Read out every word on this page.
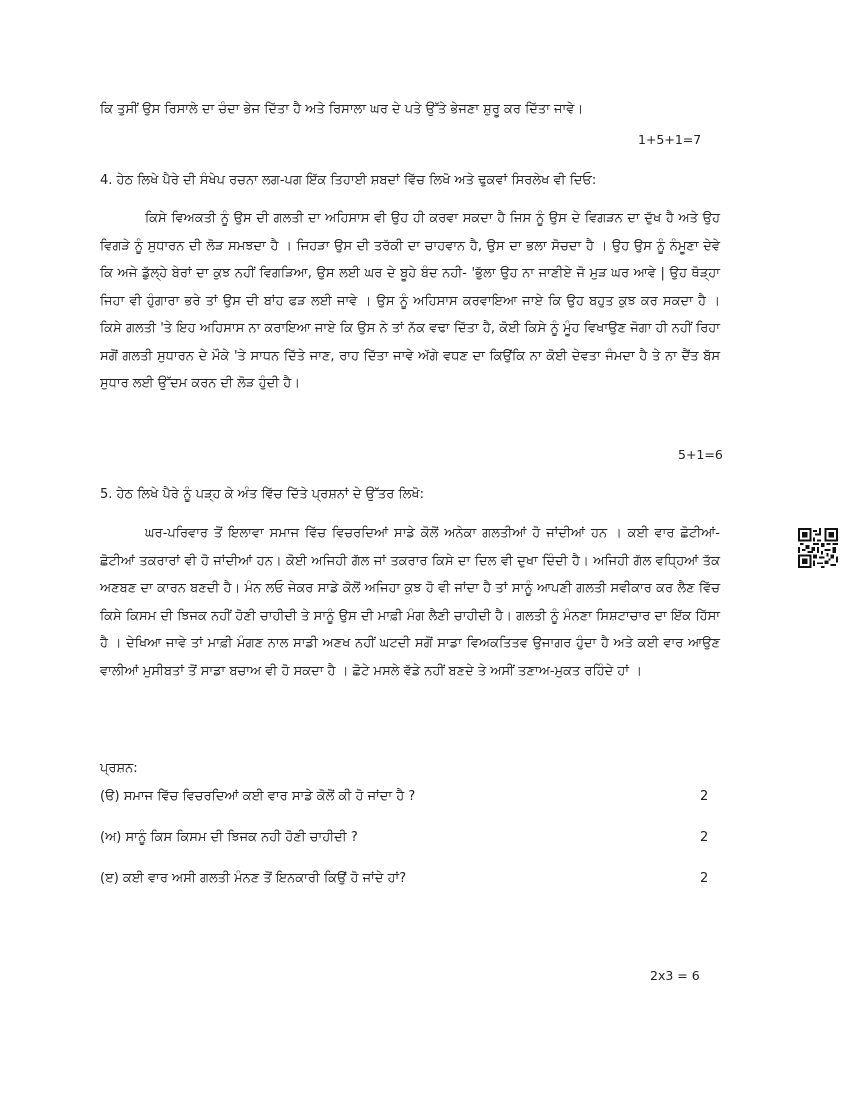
ਕਿ ਤੁਸੀਂ ਉਸ ਰਿਸਾਲੇ ਦਾ ਚੰਦਾ ਭੇਜ ਦਿੱਤਾ ਹੈ ਅਤੇ ਰਿਸਾਲਾ ਘਰ ਦੇ ਪਤੇ ਉੱਤੇ ਭੇਜਣਾ ਸ਼ੁਰੂ ਕਰ ਦਿੱਤਾ ਜਾਵੇ।
1+5+1=7
4. ਹੇਠ ਲਿਖੇ ਪੈਰੇ ਦੀ ਸੰਖੇਪ ਰਚਨਾ ਲਗ-ਪਗ ਇੱਕ ਤਿਹਾਈ ਸ਼ਬਦਾਂ ਵਿੱਚ ਲਿਖੋ ਅਤੇ ਢੁਕਵਾਂ ਸਿਰਲੇਖ ਵੀ ਦਿਓ:
ਕਿਸੇ ਵਿਅਕਤੀ ਨੂੰ ਉਸ ਦੀ ਗਲਤੀ ਦਾ ਅਹਿਸਾਸ ਵੀ ਉਹ ਹੀ ਕਰਵਾ ਸਕਦਾ ਹੈ ਜਿਸ ਨੂੰ ਉਸ ਦੇ ਵਿਗੜਨ ਦਾ ਦੁੱਖ ਹੈ ਅਤੇ ਉਹ ਵਿਗੜੇ ਨੂੰ ਸੁਧਾਰਨ ਦੀ ਲੋੜ ਸਮਝਦਾ ਹੈ । ਜਿਹੜਾ ਉਸ ਦੀ ਤਰੱਕੀ ਦਾ ਚਾਹਵਾਨ ਹੈ, ਉਸ ਦਾ ਭਲਾ ਸੋਚਦਾ ਹੈ । ਉਹ ਉਸ ਨੂੰ ਨੰਮੂਣਾ ਦੇਵੇ ਕਿ ਅਜੇ ਡੁੱਲ੍ਹੇ ਬੇਰਾਂ ਦਾ ਕੁਝ ਨਹੀਂ ਵਿਗੜਿਆ, ਉਸ ਲਈ ਘਰ ਦੇ ਬੂਹੇ ਬੰਦ ਨਹੀ- 'ਭੁੱਲਾ ਉਹ ਨਾ ਜਾਣੀਏ ਜੋ ਮੁੜ ਘਰ ਆਵੇ | ਉਹ ਥੋੜ੍ਹਾ ਜਿਹਾ ਵੀ ਹੁੰਗਾਰਾ ਭਰੇ ਤਾਂ ਉਸ ਦੀ ਬਾਂਹ ਫੜ ਲਈ ਜਾਵੇ । ਉਸ ਨੂੰ ਅਹਿਸਾਸ ਕਰਵਾਇਆ ਜਾਏ ਕਿ ਉਹ ਬਹੁਤ ਕੁਝ ਕਰ ਸਕਦਾ ਹੈ । ਕਿਸੇ ਗਲਤੀ 'ਤੇ ਇਹ ਅਹਿਸਾਸ ਨਾ ਕਰਾਇਆ ਜਾਏ ਕਿ ਉਸ ਨੇ ਤਾਂ ਨੱਕ ਵਢਾ ਦਿੱਤਾ ਹੈ, ਕੋਈ ਕਿਸੇ ਨੂੰ ਮੂੰਹ ਵਿਖਾਉਣ ਜੋਗਾ ਹੀ ਨਹੀਂ ਰਿਹਾ ਸਗੋਂ ਗਲਤੀ ਸੁਧਾਰਨ ਦੇ ਮੌਕੇ 'ਤੇ ਸਾਧਨ ਦਿੱਤੇ ਜਾਣ, ਰਾਹ ਦਿੱਤਾ ਜਾਵੇ ਅੱਗੇ ਵਧਣ ਦਾ ਕਿਉਂਕਿ ਨਾ ਕੋਈ ਦੇਵਤਾ ਜੰਮਦਾ ਹੈ ਤੇ ਨਾ ਦੈਂਤ ਬੱਸ ਸੁਧਾਰ ਲਈ ਉੱਦਮ ਕਰਨ ਦੀ ਲੋੜ ਹੁੰਦੀ ਹੈ।
5+1=6
5. ਹੇਠ ਲਿਖੇ ਪੈਰੇ ਨੂੰ ਪੜ੍ਹ ਕੇ ਅੰਤ ਵਿੱਚ ਦਿੱਤੇ ਪ੍ਰਸ਼ਨਾਂ ਦੇ ਉੱਤਰ ਲਿਖੋ:
ਘਰ-ਪਰਿਵਾਰ ਤੋਂ ਇਲਾਵਾ ਸਮਾਜ ਵਿੱਚ ਵਿਚਰਦਿਆਂ ਸਾਡੇ ਕੋਲੋਂ ਅਨੇਕਾ ਗਲਤੀਆਂ ਹੋ ਜਾਂਦੀਆਂ ਹਨ । ਕਈ ਵਾਰ ਛੋਟੀਆਂ-ਛੋਟੀਆਂ ਤਕਰਾਰਾਂ ਵੀ ਹੋ ਜਾਂਦੀਆਂ ਹਨ। ਕੋਈ ਅਜਿਹੀ ਗੱਲ ਜਾਂ ਤਕਰਾਰ ਕਿਸੇ ਦਾ ਦਿਲ ਵੀ ਦੁਖਾ ਦਿੰਦੀ ਹੈ। ਅਜਿਹੀ ਗੱਲ ਵਧ੍ਹਿਆਂ ਤੱਕ ਅਣਬਣ ਦਾ ਕਾਰਨ ਬਣਦੀ ਹੈ। ਮੰਨ ਲਓ ਜੇਕਰ ਸਾਡੇ ਕੋਲੋਂ ਅਜਿਹਾ ਕੁਝ ਹੋ ਵੀ ਜਾਂਦਾ ਹੈ ਤਾਂ ਸਾਨੂੰ ਆਪਣੀ ਗਲਤੀ ਸਵੀਕਾਰ ਕਰ ਲੈਣ ਵਿੱਚ ਕਿਸੇ ਕਿਸਮ ਦੀ ਝਿਜਕ ਨਹੀਂ ਹੋਣੀ ਚਾਹੀਦੀ ਤੇ ਸਾਨੂੰ ਉਸ ਦੀ ਮਾਫ਼ੀ ਮੰਗ ਲੈਣੀ ਚਾਹੀਦੀ ਹੈ। ਗਲਤੀ ਨੂੰ ਮੰਨਣਾ ਸਿਸ਼ਟਾਚਾਰ ਦਾ ਇੱਕ ਹਿੱਸਾ ਹੈ । ਦੇਖਿਆ ਜਾਵੇ ਤਾਂ ਮਾਫ਼ੀ ਮੰਗਣ ਨਾਲ ਸਾਡੀ ਅਣਖ ਨਹੀਂ ਘਟਦੀ ਸਗੋਂ ਸਾਡਾ ਵਿਅਕਤਿਤਵ ਉਜਾਗਰ ਹੁੰਦਾ ਹੈ ਅਤੇ ਕਈ ਵਾਰ ਆਉਣ ਵਾਲੀਆਂ ਮੁਸੀਬਤਾਂ ਤੋਂ ਸਾਡਾ ਬਚਾਅ ਵੀ ਹੋ ਸਕਦਾ ਹੈ । ਛੋਟੇ ਮਸਲੇ ਵੱਡੇ ਨਹੀਂ ਬਣਦੇ ਤੇ ਅਸੀਂ ਤਣਾਅ-ਮੁਕਤ ਰਹਿੰਦੇ ਹਾਂ ।
ਪ੍ਰਸ਼ਨ:
(ੳ) ਸਮਾਜ ਵਿੱਚ ਵਿਚਰਦਿਆਂ ਕਈ ਵਾਰ ਸਾਡੇ ਕੋਲੋਂ ਕੀ ਹੋ ਜਾਂਦਾ ਹੈ ?	2
(ਅ) ਸਾਨੂੰ ਕਿਸ ਕਿਸਮ ਦੀ ਝਿਜਕ ਨਹੀ ਹੋਣੀ ਚਾਹੀਦੀ ?	2
(ੲ) ਕਈ ਵਾਰ ਅਸੀ ਗਲਤੀ ਮੰਨਣ ਤੋਂ ਇਨਕਾਰੀ ਕਿਉਂ ਹੋ ਜਾਂਦੇ ਹਾਂ?	2
2x3 = 6
